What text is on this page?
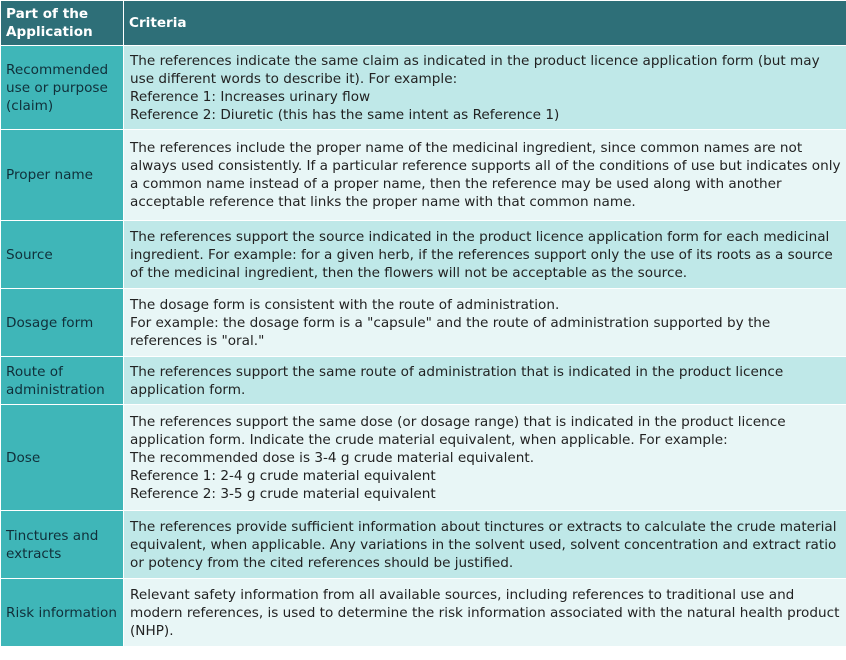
Part of the Application	Criteria
Recommended use or purpose (claim)	The references indicate the same claim as indicated in the product licence application form (but may use different words to describe it). For example:
Reference 1: Increases urinary flow
Reference 2: Diuretic (this has the same intent as Reference 1)

Proper name	The references include the proper name of the medicinal ingredient, since common names are not always used consistently. If a particular reference supports all of the conditions of use but indicates only a common name instead of a proper name, then the reference may be used along with another acceptable reference that links the proper name with that common name.

Source	The references support the source indicated in the product licence application form for each medicinal ingredient. For example: for a given herb, if the references support only the use of its roots as a source of the medicinal ingredient, then the flowers will not be acceptable as the source.

Dosage form	The dosage form is consistent with the route of administration.
For example: the dosage form is a "capsule" and the route of administration supported by the references is "oral."

Route of administration	The references support the same route of administration that is indicated in the product licence application form.

Dose	The references support the same dose (or dosage range) that is indicated in the product licence application form. Indicate the crude material equivalent, when applicable. For example:
The recommended dose is 3-4 g crude material equivalent.
Reference 1: 2-4 g crude material equivalent
Reference 2: 3-5 g crude material equivalent

Tinctures and extracts	The references provide sufficient information about tinctures or extracts to calculate the crude material equivalent, when applicable. Any variations in the solvent used, solvent concentration and extract ratio or potency from the cited references should be justified.

Risk information	Relevant safety information from all available sources, including references to traditional use and modern references, is used to determine the risk information associated with the natural health product (NHP).
